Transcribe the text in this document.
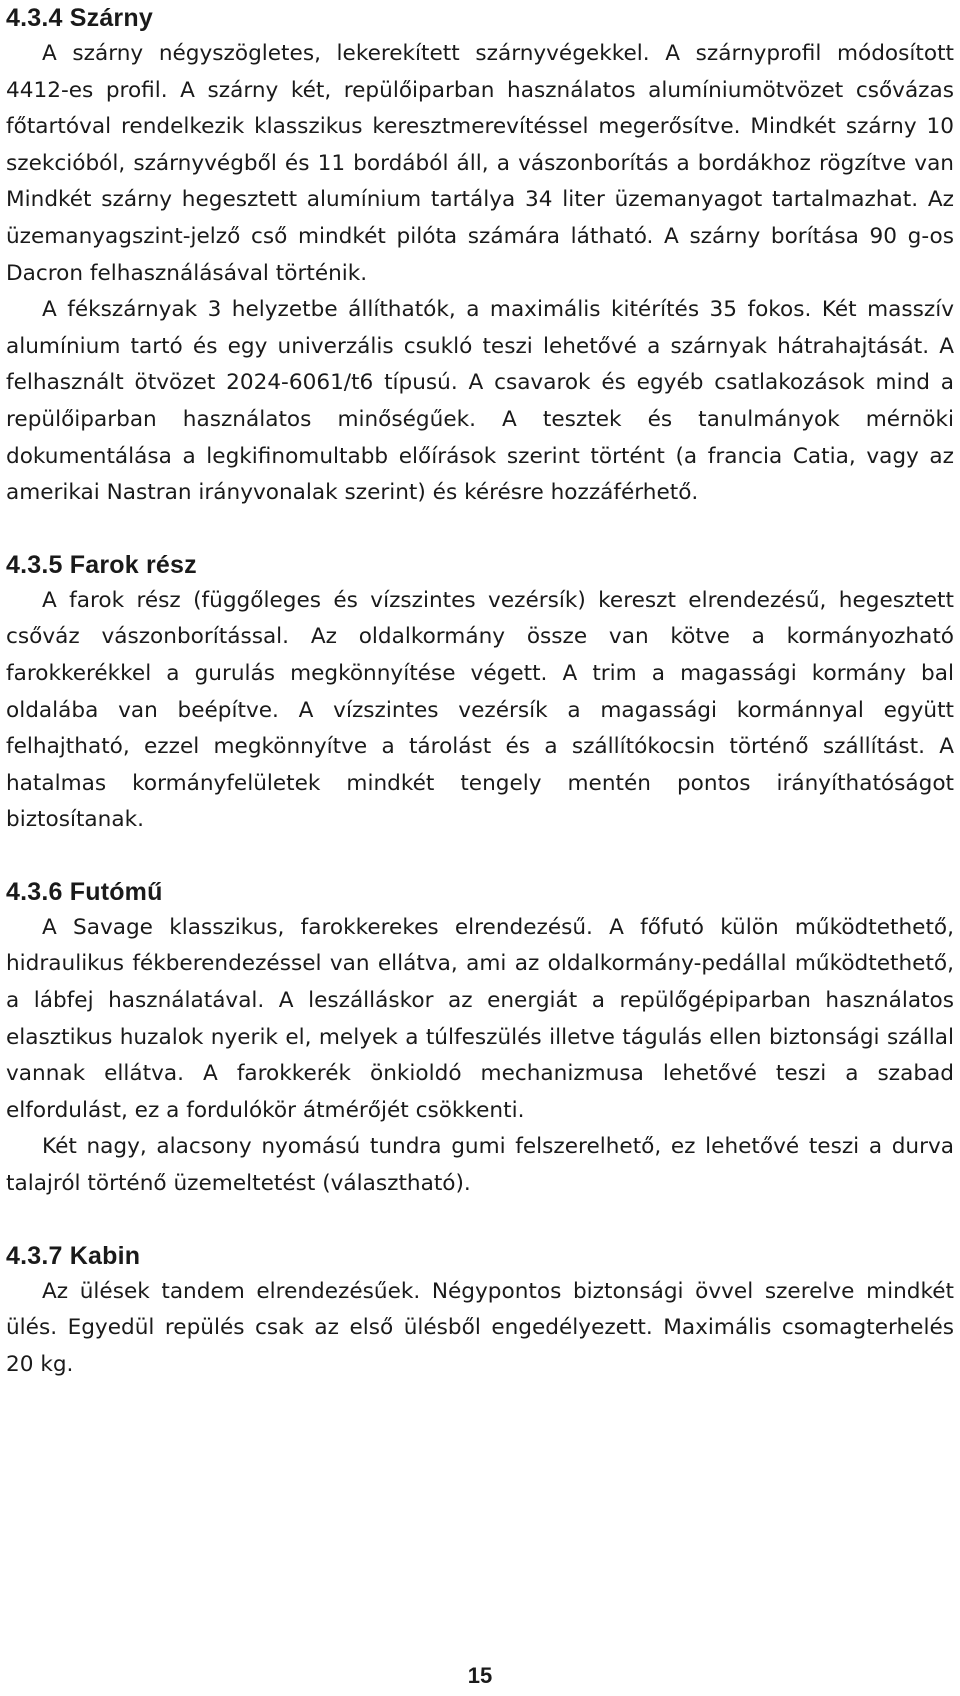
4.3.4 Szárny

A szárny négyszögletes, lekerekített szárnyvégekkel. A szárnyprofil módosított 4412-es profil. A szárny két, repülőiparban használatos alumíniumötvözet csővázas főtartóval rendelkezik klasszikus keresztmerevítéssel megerősítve. Mindkét szárny 10 szekcióból, szárnyvégből és 11 bordából áll, a vászonborítás a bordákhoz rögzítve van Mindkét szárny hegesztett alumínium tartálya 34 liter üzemanyagot tartalmazhat. Az üzemanyagszint-jelző cső mindkét pilóta számára látható. A szárny borítása 90 g-os Dacron felhasználásával történik.

A fékszárnyak 3 helyzetbe állíthatók, a maximális kitérítés 35 fokos. Két masszív alumínium tartó és egy univerzális csukló teszi lehetővé a szárnyak hátrahajtását. A felhasznált ötvözet 2024-6061/t6 típusú. A csavarok és egyéb csatlakozások mind a repülőiparban használatos minőségűek. A tesztek és tanulmányok mérnöki dokumentálása a legkifinomultabb előírások szerint történt (a francia Catia, vagy az amerikai Nastran irányvonalak szerint) és kérésre hozzáférhető.

4.3.5 Farok rész

A farok rész (függőleges és vízszintes vezérsík) kereszt elrendezésű, hegesztett csőváz vászonborítással. Az oldalkormány össze van kötve a kormányozható farokkerékkel a gurulás megkönnyítése végett. A trim a magassági kormány bal oldalába van beépítve. A vízszintes vezérsík a magassági kormánnyal együtt felhajtható, ezzel megkönnyítve a tárolást és a szállítókocsin történő szállítást. A hatalmas kormányfelületek mindkét tengely mentén pontos irányíthatóságot biztosítanak.

4.3.6 Futómű

A Savage klasszikus, farokkerekes elrendezésű. A főfutó külön működtethető, hidraulikus fékberendezéssel van ellátva, ami az oldalkormány-pedállal működtethető, a lábfej használatával. A leszálláskor az energiát a repülőgépiparban használatos elasztikus huzalok nyerik el, melyek a túlfeszülés illetve tágulás ellen biztonsági szállal vannak ellátva. A farokkerék önkioldó mechanizmusa lehetővé teszi a szabad elfordulást, ez a fordulókör átmérőjét csökkenti.

Két nagy, alacsony nyomású tundra gumi felszerelhető, ez lehetővé teszi a durva talajról történő üzemeltetést (választható).

4.3.7 Kabin

Az ülések tandem elrendezésűek. Négypontos biztonsági övvel szerelve mindkét ülés. Egyedül repülés csak az első ülésből engedélyezett. Maximális csomagterhelés 20 kg.

15
